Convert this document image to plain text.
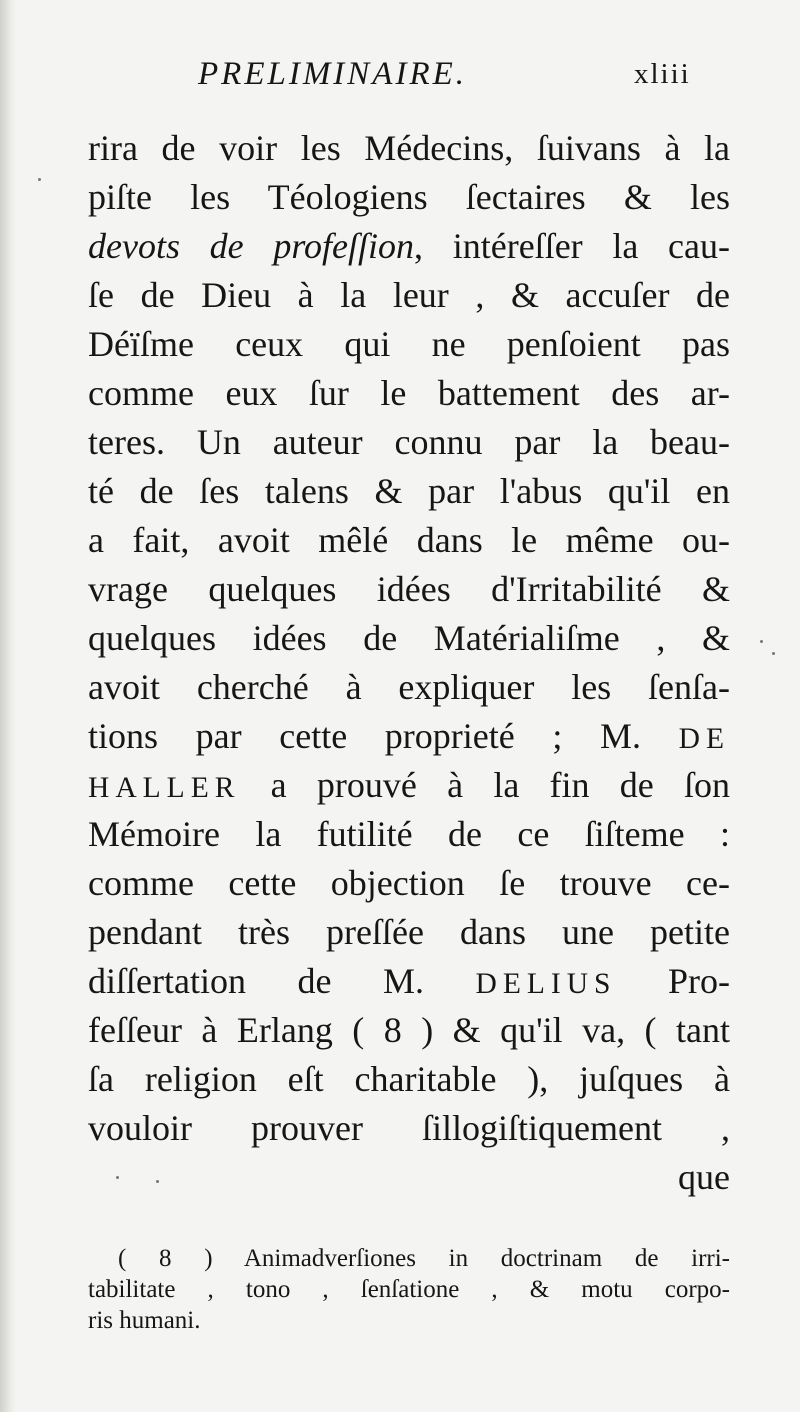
PRELIMINAIRE.	xliii
rira de voir les Médecins, ſuivans à la
piſte les Téologiens ſectaires & les
devots de profeſſion, intéreſſer la cau-
ſe de Dieu à la leur , & accuſer de
Déïſme ceux qui ne penſoient pas
comme eux ſur le battement des ar-
teres. Un auteur connu par la beau-
té de ſes talens & par l'abus qu'il en
a fait, avoit mêlé dans le même ou-
vrage quelques idées d'Irritabilité &
quelques idées de Matérialiſme , &
avoit cherché à expliquer les ſenſa-
tions par cette proprieté ; M. DE
HALLER a prouvé à la fin de ſon
Mémoire la futilité de ce ſiſteme :
comme cette objection ſe trouve ce-
pendant très preſſée dans une petite
diſſertation de M. DELIUS Pro-
feſſeur à Erlang ( 8 ) & qu'il va, ( tant
ſa religion eſt charitable ), juſques à
vouloir prouver ſillogiſtiquement ,
que
( 8 ) Animadverſiones in doctrinam de irri-
tabilitate , tono , ſenſatione , & motu corpo-
ris humani.
